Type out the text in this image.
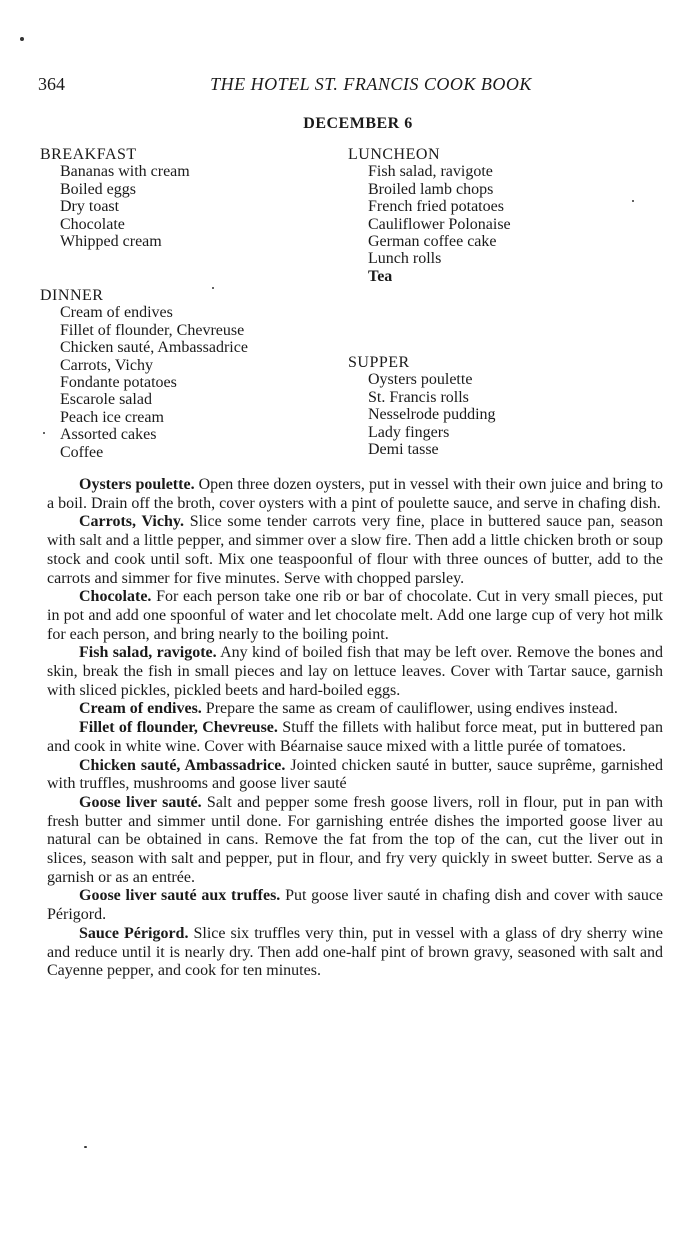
364	THE HOTEL ST. FRANCIS COOK BOOK
DECEMBER 6
BREAKFAST
Bananas with cream
Boiled eggs
Dry toast
Chocolate
Whipped cream
LUNCHEON
Fish salad, ravigote
Broiled lamb chops
French fried potatoes
Cauliflower Polonaise
German coffee cake
Lunch rolls
Tea
DINNER
Cream of endives
Fillet of flounder, Chevreuse
Chicken sauté, Ambassadrice
Carrots, Vichy
Fondante potatoes
Escarole salad
Peach ice cream
Assorted cakes
Coffee
SUPPER
Oysters poulette
St. Francis rolls
Nesselrode pudding
Lady fingers
Demi tasse

Oysters poulette. Open three dozen oysters, put in vessel with their own juice and bring to a boil. Drain off the broth, cover oysters with a pint of poulette sauce, and serve in chafing dish.

Carrots, Vichy. Slice some tender carrots very fine, place in buttered sauce pan, season with salt and a little pepper, and simmer over a slow fire. Then add a little chicken broth or soup stock and cook until soft. Mix one teaspoonful of flour with three ounces of butter, add to the carrots and simmer for five minutes. Serve with chopped parsley.

Chocolate. For each person take one rib or bar of chocolate. Cut in very small pieces, put in pot and add one spoonful of water and let chocolate melt. Add one large cup of very hot milk for each person, and bring nearly to the boiling point.

Fish salad, ravigote. Any kind of boiled fish that may be left over. Remove the bones and skin, break the fish in small pieces and lay on lettuce leaves. Cover with Tartar sauce, garnish with sliced pickles, pickled beets and hard-boiled eggs.

Cream of endives. Prepare the same as cream of cauliflower, using endives instead.

Fillet of flounder, Chevreuse. Stuff the fillets with halibut force meat, put in buttered pan and cook in white wine. Cover with Béarnaise sauce mixed with a little purée of tomatoes.

Chicken sauté, Ambassadrice. Jointed chicken sauté in butter, sauce suprême, garnished with truffles, mushrooms and goose liver sauté

Goose liver sauté. Salt and pepper some fresh goose livers, roll in flour, put in pan with fresh butter and simmer until done. For garnishing entrée dishes the imported goose liver au natural can be obtained in cans. Remove the fat from the top of the can, cut the liver out in slices, season with salt and pepper, put in flour, and fry very quickly in sweet butter. Serve as a garnish or as an entrée.

Goose liver sauté aux truffes. Put goose liver sauté in chafing dish and cover with sauce Périgord.

Sauce Périgord. Slice six truffles very thin, put in vessel with a glass of dry sherry wine and reduce until it is nearly dry. Then add one-half pint of brown gravy, seasoned with salt and Cayenne pepper, and cook for ten minutes.
